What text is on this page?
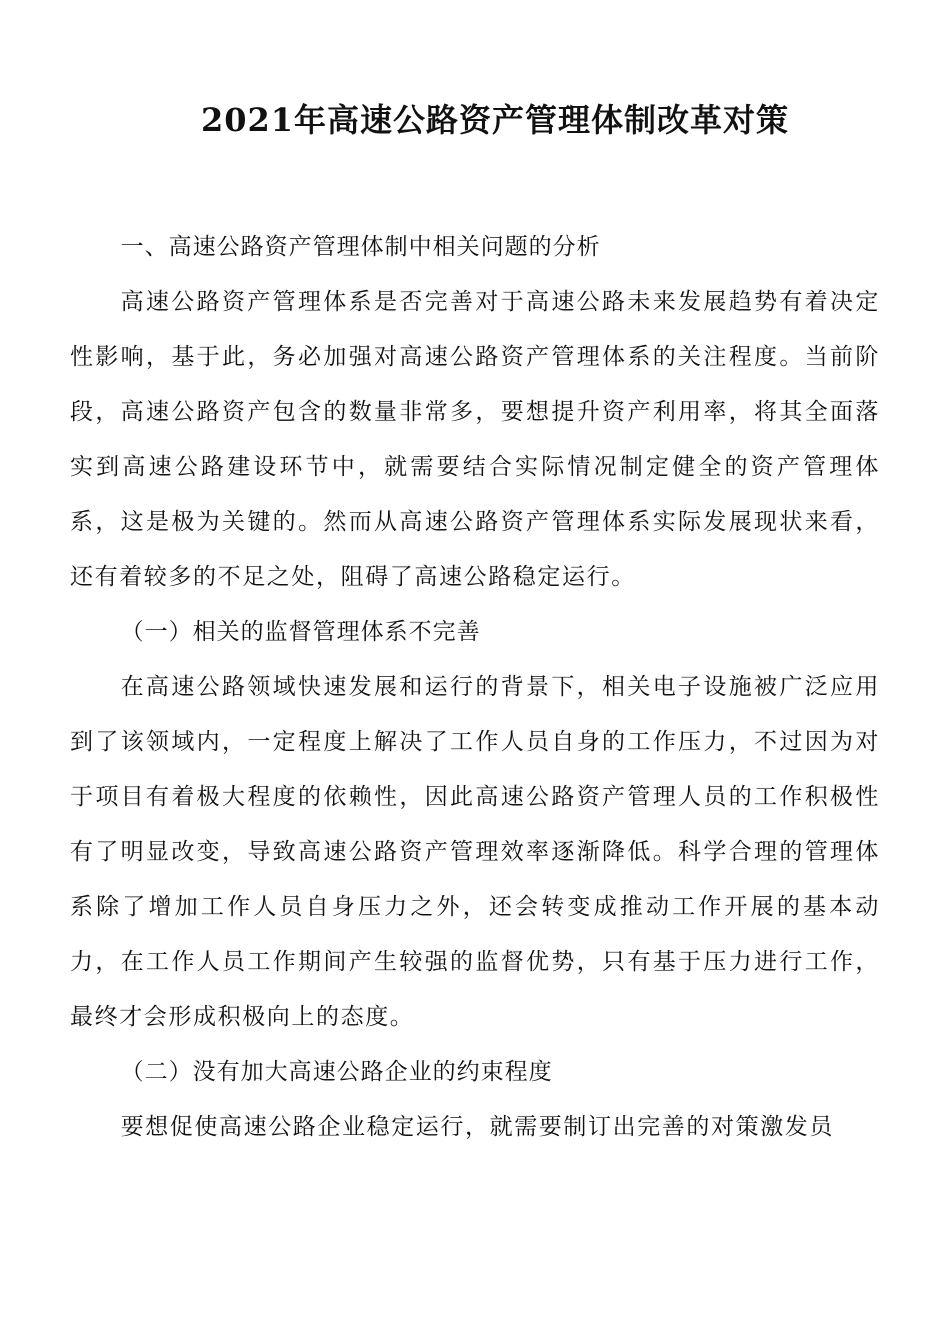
2021年高速公路资产管理体制改革对策

一、高速公路资产管理体制中相关问题的分析

高速公路资产管理体系是否完善对于高速公路未来发展趋势有着决定性影响，基于此，务必加强对高速公路资产管理体系的关注程度。当前阶段，高速公路资产包含的数量非常多，要想提升资产利用率，将其全面落实到高速公路建设环节中，就需要结合实际情况制定健全的资产管理体系，这是极为关键的。然而从高速公路资产管理体系实际发展现状来看，还有着较多的不足之处，阻碍了高速公路稳定运行。

（一）相关的监督管理体系不完善

在高速公路领域快速发展和运行的背景下，相关电子设施被广泛应用到了该领域内，一定程度上解决了工作人员自身的工作压力，不过因为对于项目有着极大程度的依赖性，因此高速公路资产管理人员的工作积极性有了明显改变，导致高速公路资产管理效率逐渐降低。科学合理的管理体系除了增加工作人员自身压力之外，还会转变成推动工作开展的基本动力，在工作人员工作期间产生较强的监督优势，只有基于压力进行工作，最终才会形成积极向上的态度。

（二）没有加大高速公路企业的约束程度

要想促使高速公路企业稳定运行，就需要制订出完善的对策激发员
